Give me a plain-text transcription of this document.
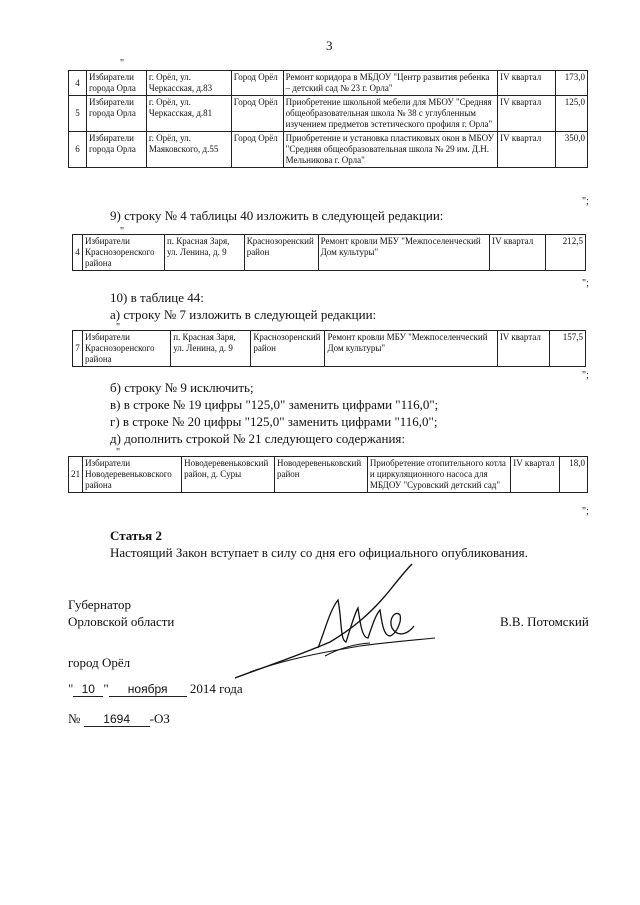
3
"
4	Избиратели города Орла	г. Орёл, ул. Черкасская, д.83	Город Орёл	Ремонт коридора в МБДОУ "Центр развития ребенка – детский сад № 23 г. Орла"	IV квартал	173,0
5	Избиратели города Орла	г. Орёл, ул. Черкасская, д.81	Город Орёл	Приобретение школьной мебели для МБОУ "Средняя общеобразовательная школа № 38 с углубленным изучением предметов эстетического профиля г. Орла"	IV квартал	125,0
6	Избиратели города Орла	г. Орёл, ул. Маяковского, д.55	Город Орёл	Приобретение и установка пластиковых окон в МБОУ "Средняя общеобразовательная школа № 29 им. Д.Н. Мельникова г. Орла"	IV квартал	350,0
";
9) строку № 4 таблицы 40 изложить в следующей редакции:
"
4	Избиратели Краснозоренского района	п. Красная Заря, ул. Ленина, д. 9	Краснозоренский район	Ремонт кровли МБУ "Межпоселенческий Дом культуры"	IV квартал	212,5
";
10) в таблице 44:
а) строку № 7 изложить в следующей редакции:
"
7	Избиратели Краснозоренского района	п. Красная Заря, ул. Ленина, д. 9	Краснозоренский район	Ремонт кровли МБУ "Межпоселенческий Дом культуры"	IV квартал	157,5
";
б) строку № 9 исключить;
в) в строке № 19 цифры "125,0" заменить цифрами "116,0";
г) в строке № 20 цифры "125,0" заменить цифрами "116,0";
д) дополнить строкой № 21 следующего содержания:
"
21	Избиратели Новодеревеньковского района	Новодеревеньковский район, д. Суры	Новодеревеньковский район	Приобретение отопительного котла и циркуляционного насоса для МБДОУ "Суровский детский сад"	IV квартал	18,0
";
Статья 2
Настоящий Закон вступает в силу со дня его официального опубликования.
Губернатор
Орловской области	В.В. Потомский
город Орёл
" 10 " ноября 2014 года
№ 1694 -ОЗ
